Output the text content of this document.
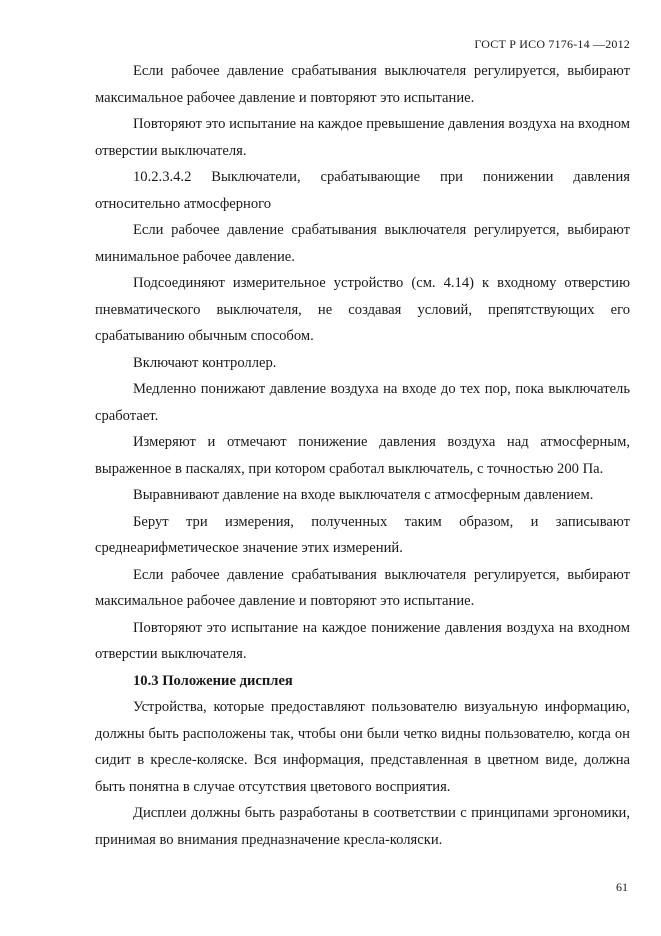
ГОСТ Р ИСО 7176-14 —2012

Если рабочее давление срабатывания выключателя регулируется, выбирают максимальное рабочее давление и повторяют это испытание.

Повторяют это испытание на каждое превышение давления воздуха на входном отверстии выключателя.

10.2.3.4.2 Выключатели, срабатывающие при понижении давления относительно атмосферного

Если рабочее давление срабатывания выключателя регулируется, выбирают минимальное рабочее давление.

Подсоединяют измерительное устройство (см. 4.14) к входному отверстию пневматического выключателя, не создавая условий, препятствующих его срабатыванию обычным способом.

Включают контроллер.

Медленно понижают давление воздуха на входе до тех пор, пока выключатель сработает.

Измеряют и отмечают понижение давления воздуха над атмосферным, выраженное в паскалях, при котором сработал выключатель, с точностью 200 Па.

Выравнивают давление на входе выключателя с атмосферным давлением.

Берут три измерения, полученных таким образом, и записывают среднеарифметическое значение этих измерений.

Если рабочее давление срабатывания выключателя регулируется, выбирают максимальное рабочее давление и повторяют это испытание.

Повторяют это испытание на каждое понижение давления воздуха на входном отверстии выключателя.

10.3 Положение дисплея

Устройства, которые предоставляют пользователю визуальную информацию, должны быть расположены так, чтобы они были четко видны пользователю, когда он сидит в кресле-коляске. Вся информация, представленная в цветном виде, должна быть понятна в случае отсутствия цветового восприятия.

Дисплеи должны быть разработаны в соответствии с принципами эргономики, принимая во внимания предназначение кресла-коляски.

61
